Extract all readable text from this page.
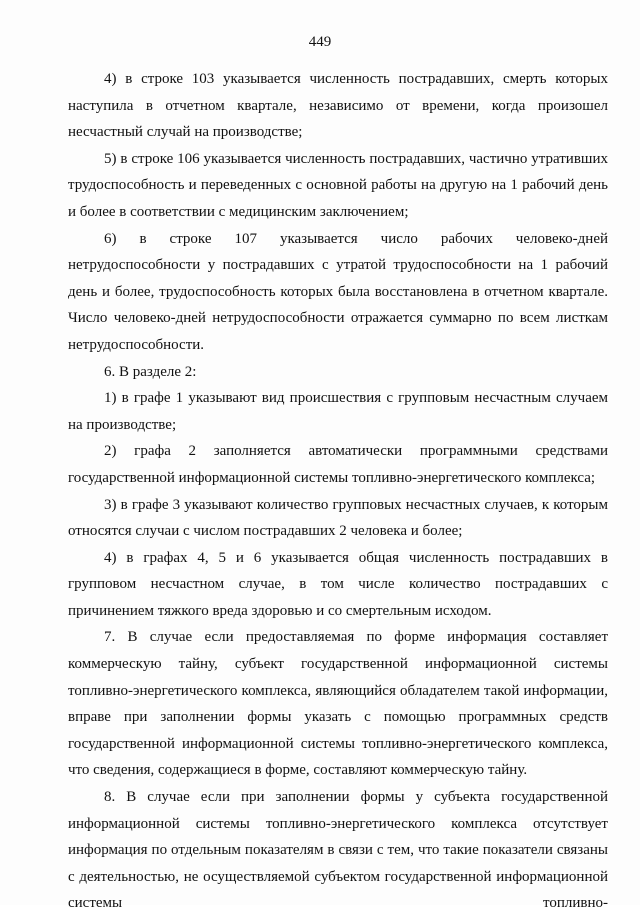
449

4) в строке 103 указывается численность пострадавших, смерть которых наступила в отчетном квартале, независимо от времени, когда произошел несчастный случай на производстве;

5) в строке 106 указывается численность пострадавших, частично утративших трудоспособность и переведенных с основной работы на другую на 1 рабочий день и более в соответствии с медицинским заключением;

6) в строке 107 указывается число рабочих человеко-дней нетрудоспособности у пострадавших с утратой трудоспособности на 1 рабочий день и более, трудоспособность которых была восстановлена в отчетном квартале. Число человеко-дней нетрудоспособности отражается суммарно по всем листкам нетрудоспособности.

6. В разделе 2:

1) в графе 1 указывают вид происшествия с групповым несчастным случаем на производстве;

2) графа 2 заполняется автоматически программными средствами государственной информационной системы топливно-энергетического комплекса;

3) в графе 3 указывают количество групповых несчастных случаев, к которым относятся случаи с числом пострадавших 2 человека и более;

4) в графах 4, 5 и 6 указывается общая численность пострадавших в групповом несчастном случае, в том числе количество пострадавших с причинением тяжкого вреда здоровью и со смертельным исходом.

7. В случае если предоставляемая по форме информация составляет коммерческую тайну, субъект государственной информационной системы топливно-энергетического комплекса, являющийся обладателем такой информации, вправе при заполнении формы указать с помощью программных средств государственной информационной системы топливно-энергетического комплекса, что сведения, содержащиеся в форме, составляют коммерческую тайну.

8. В случае если при заполнении формы у субъекта государственной информационной системы топливно-энергетического комплекса отсутствует информация по отдельным показателям в связи с тем, что такие показатели связаны с деятельностью, не осуществляемой субъектом государственной информационной системы топливно-
